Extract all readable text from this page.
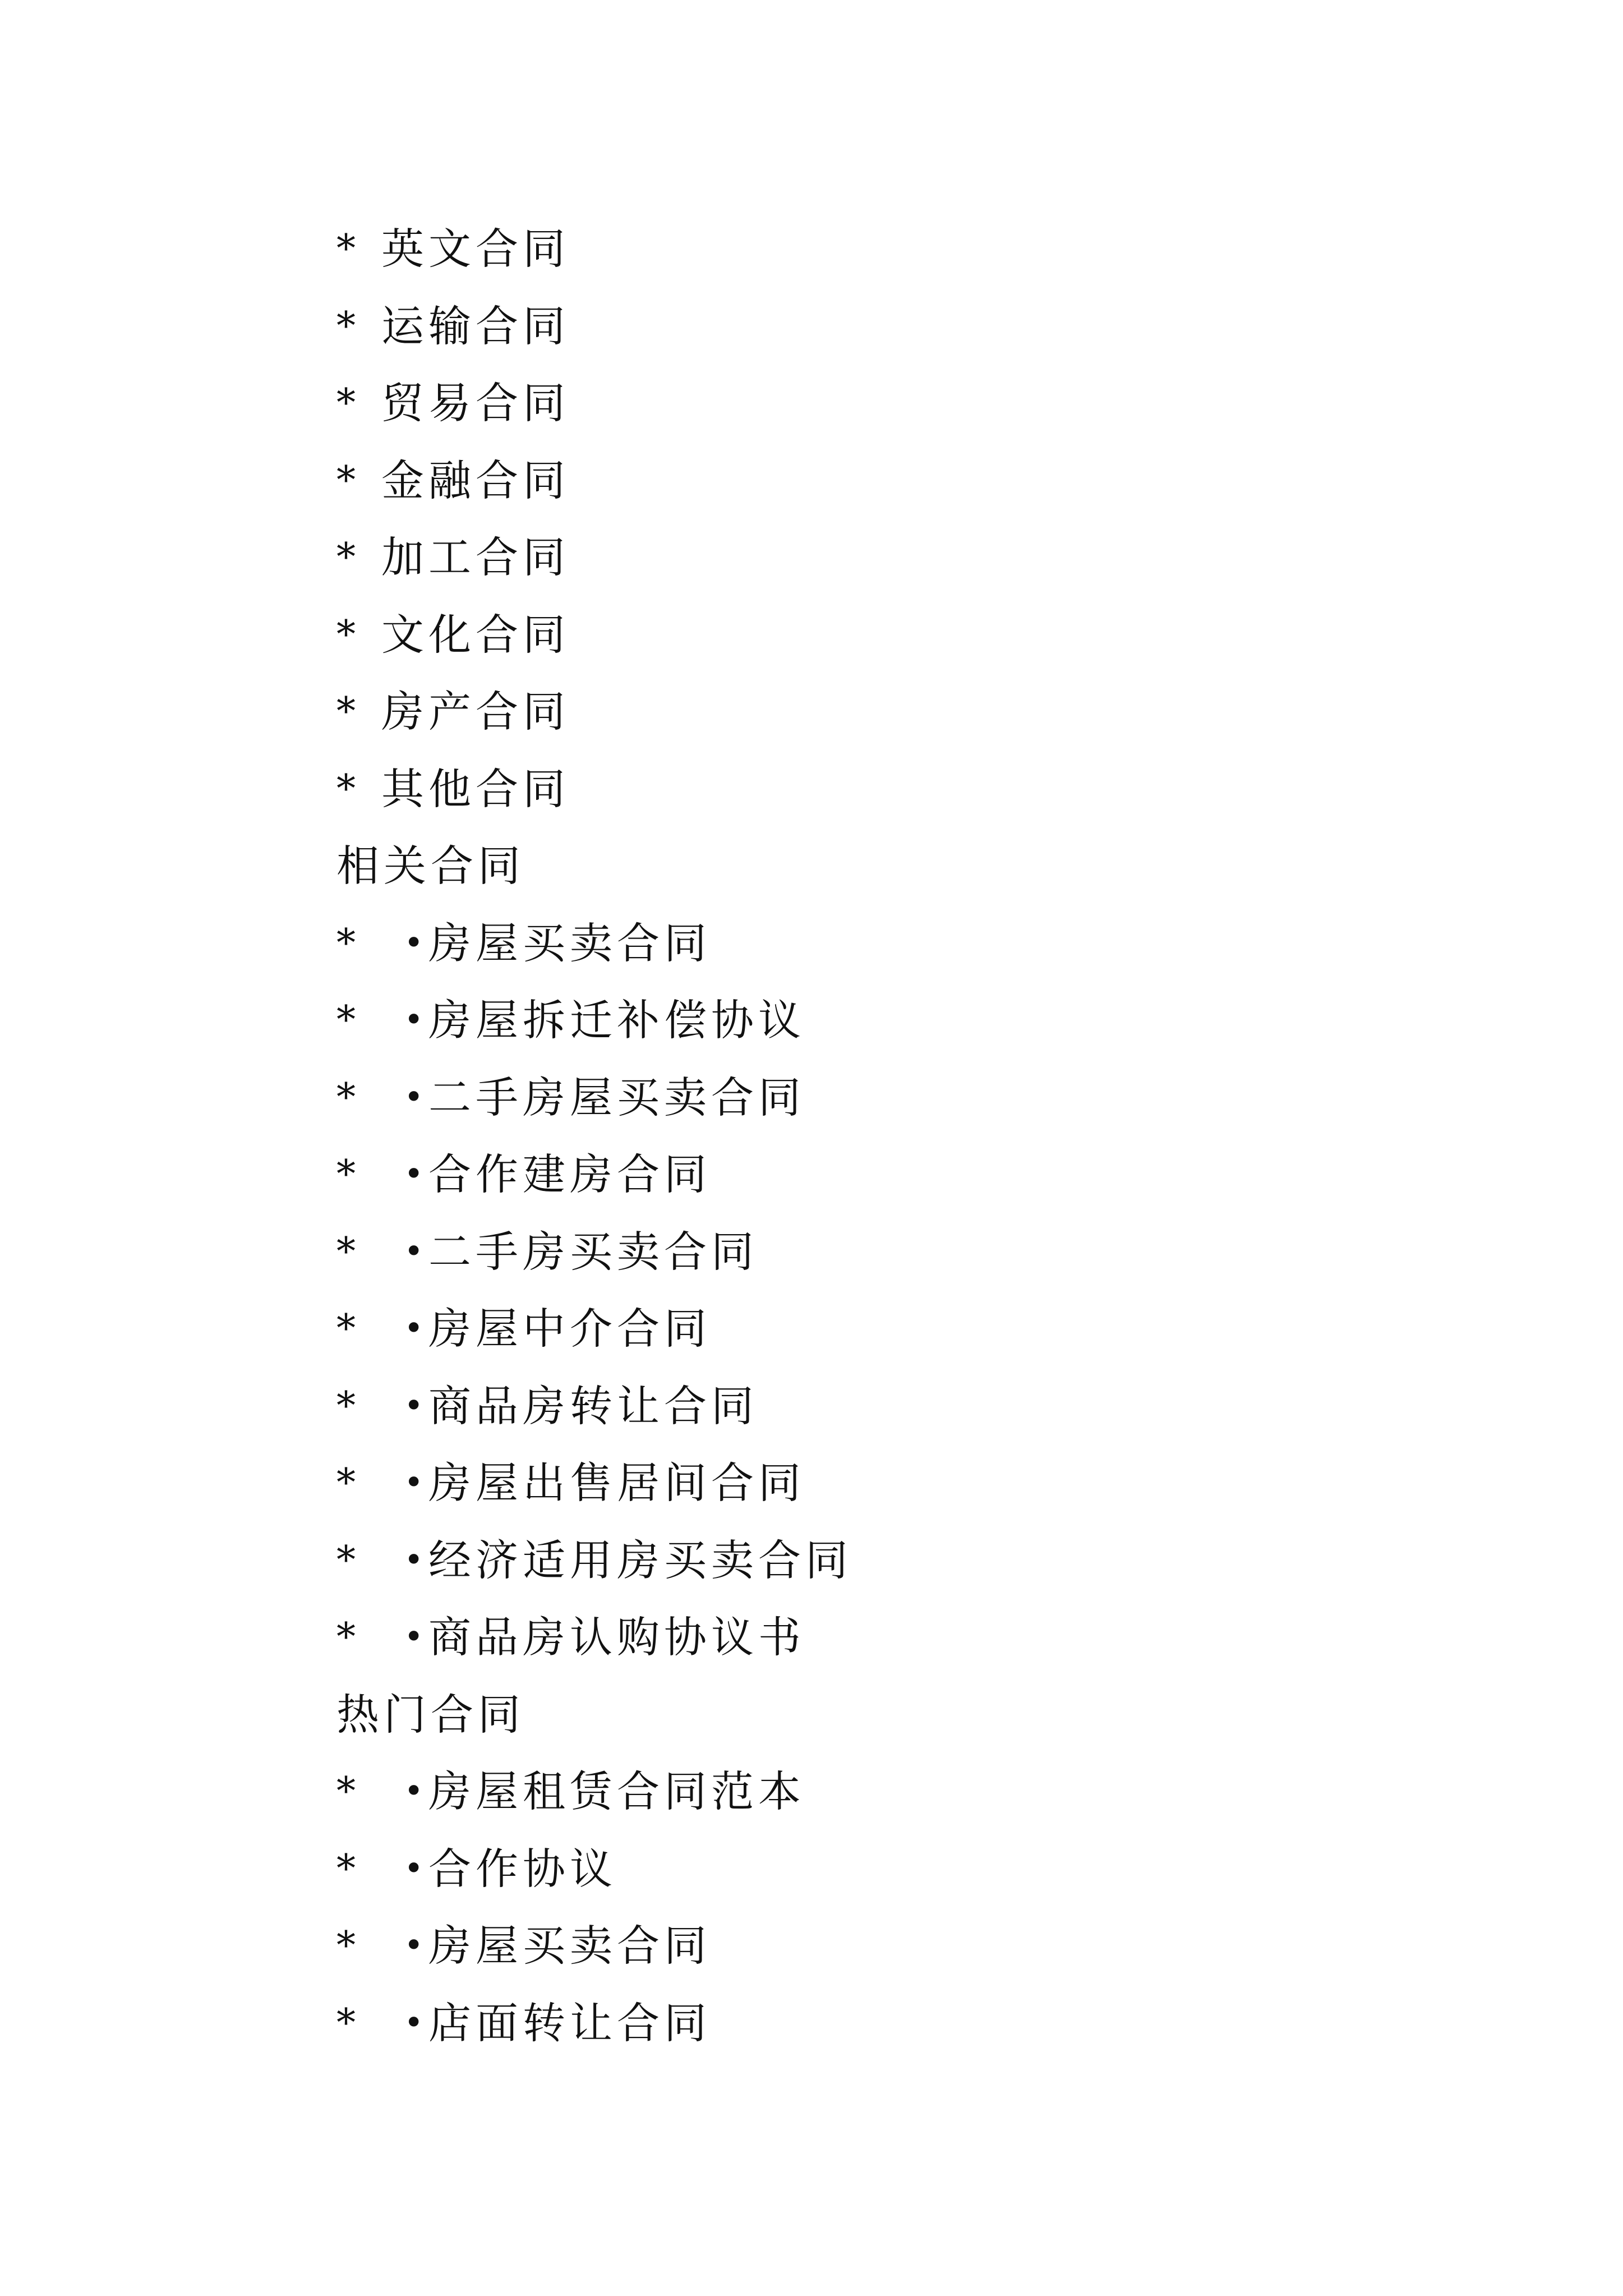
* 英文合同
* 运输合同
* 贸易合同
* 金融合同
* 加工合同
* 文化合同
* 房产合同
* 其他合同
相关合同
*	• 房屋买卖合同
*	• 房屋拆迁补偿协议
*	• 二手房屋买卖合同
*	• 合作建房合同
*	• 二手房买卖合同
*	• 房屋中介合同
*	• 商品房转让合同
*	• 房屋出售居间合同
*	• 经济适用房买卖合同
*	• 商品房认购协议书
热门合同
*	• 房屋租赁合同范本
*	• 合作协议
*	• 房屋买卖合同
*	• 店面转让合同
